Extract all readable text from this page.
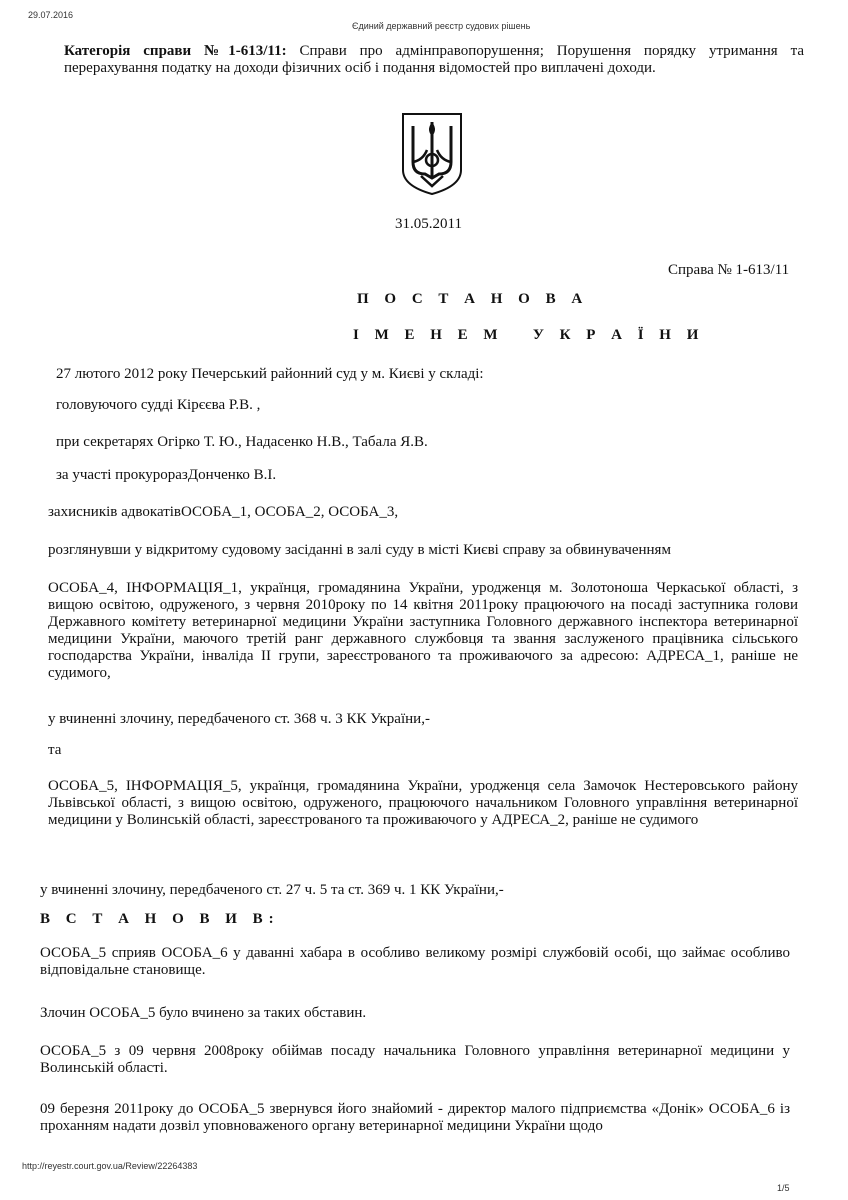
29.07.2016
Єдиний державний реєстр судових рішень
Категорія справи №1-613/11: Справи про адмінправопорушення; Порушення порядку утримання та перерахування податку на доходи фізичних осіб і подання відомостей про виплачені доходи.
31.05.2011
Справа № 1-613/11
П О С Т А Н О В А
І М Е Н Е М   У К Р А Ї Н И
27 лютого 2012 року Печерський районний суд у м. Києві у складі:
головуючого судді Кірєєва Р.В. ,
при секретарях Огірко Т. Ю., Надасенко Н.В., Табала Я.В.
за участі прокуроразДонченко В.І.
захисників адвокатівОСОБА_1, ОСОБА_2, ОСОБА_3,
розглянувши у відкритому судовому засіданні в залі суду в місті Києві справу за обвинуваченням
ОСОБА_4, ІНФОРМАЦІЯ_1, українця, громадянина України, уродженця м. Золотоноша Черкаської області, з вищою освітою, одруженого, з червня 2010року по 14 квітня 2011року працюючого на посаді заступника голови Державного комітету ветеринарної медицини України заступника Головного державного інспектора ветеринарної медицини України, маючого третій ранг державного службовця та звання заслуженого працівника сільського господарства України, інваліда II групи, зареєстрованого та проживаючого за адресою: АДРЕСА_1, раніше не судимого,
у вчиненні злочину, передбаченого ст. 368 ч. 3 КК України,-
та
ОСОБА_5, ІНФОРМАЦІЯ_5, українця, громадянина України, уродженця села Замочок Нестеровського району Львівської області, з вищою освітою, одруженого, працюючого начальником Головного управління ветеринарної медицини у Волинській області, зареєстрованого та проживаючого у АДРЕСА_2, раніше не судимого
у вчиненні злочину, передбаченого ст. 27 ч. 5 та ст. 369 ч. 1 КК України,-
В С Т А Н О В И В:
ОСОБА_5 сприяв ОСОБА_6 у даванні хабара в особливо великому розмірі службовій особі, що займає особливо відповідальне становище.
Злочин ОСОБА_5 було вчинено за таких обставин.
ОСОБА_5 з 09 червня 2008року обіймав посаду начальника Головного управління ветеринарної медицини у Волинській області.
09 березня 2011року до ОСОБА_5 звернувся його знайомий - директор малого підприємства «Донік» ОСОБА_6 із проханням надати дозвіл уповноваженого органу ветеринарної медицини України щодо
http://reyestr.court.gov.ua/Review/22264383
1/5
